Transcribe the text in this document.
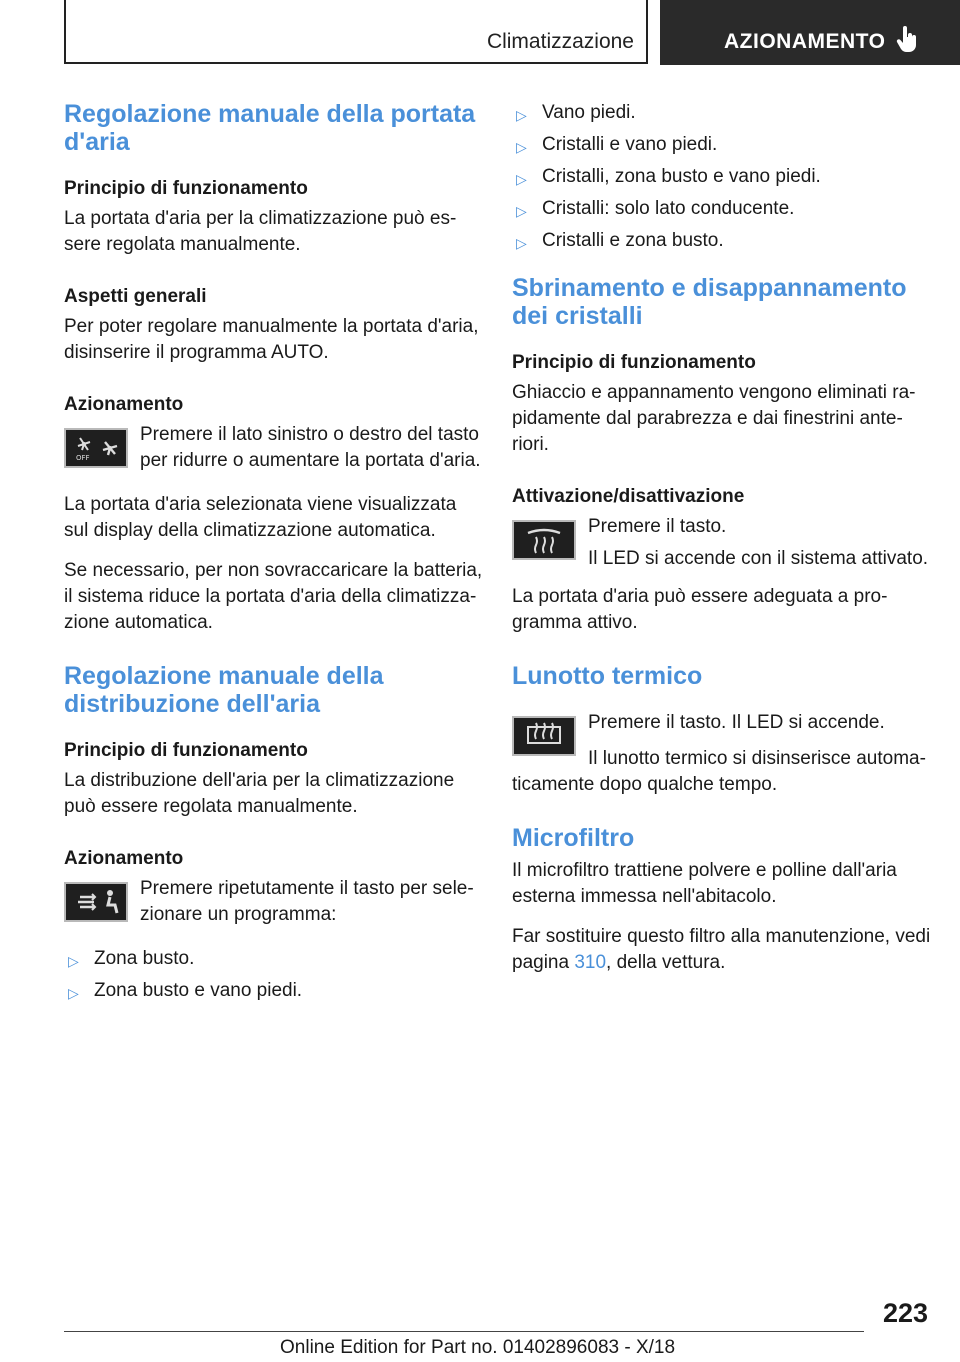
Climatizzazione	AZIONAMENTO
Regolazione manuale della portata d'aria
Principio di funzionamento

La portata d'aria per la climatizzazione può es-sere regolata manualmente.

Aspetti generali

Per poter regolare manualmente la portata d'aria, disinserire il programma AUTO.

Azionamento
OFF

Premere il lato sinistro o destro del tasto per ridurre o aumentare la portata d'aria.

La portata d'aria selezionata viene visualizzata sul display della climatizzazione automatica.

Se necessario, per non sovraccaricare la batteria, il sistema riduce la portata d'aria della climatizza-zione automatica.

Regolazione manuale della distribuzione dell'aria
Principio di funzionamento

La distribuzione dell'aria per la climatizzazione può essere regolata manualmente.

Azionamento

Premere ripetutamente il tasto per sele-zionare un programma:

▷ Zona busto.
▷ Zona busto e vano piedi.
▷ Vano piedi.
▷ Cristalli e vano piedi.
▷ Cristalli, zona busto e vano piedi.
▷ Cristalli: solo lato conducente.
▷ Cristalli e zona busto.
Sbrinamento e disappannamento dei cristalli
Principio di funzionamento

Ghiaccio e appannamento vengono eliminati ra-pidamente dal parabrezza e dai finestrini ante-riori.

Attivazione/disattivazione

Premere il tasto.

Il LED si accende con il sistema attivato.

La portata d'aria può essere adeguata a pro-gramma attivo.

Lunotto termico

Premere il tasto. Il LED si accende.

Il lunotto termico si disinserisce automa-ticamente dopo qualche tempo.

Microfiltro

Il microfiltro trattiene polvere e polline dall'aria esterna immessa nell'abitacolo.

Far sostituire questo filtro alla manutenzione, vedi pagina 310, della vettura.

223
Online Edition for Part no. 01402896083 - X/18
